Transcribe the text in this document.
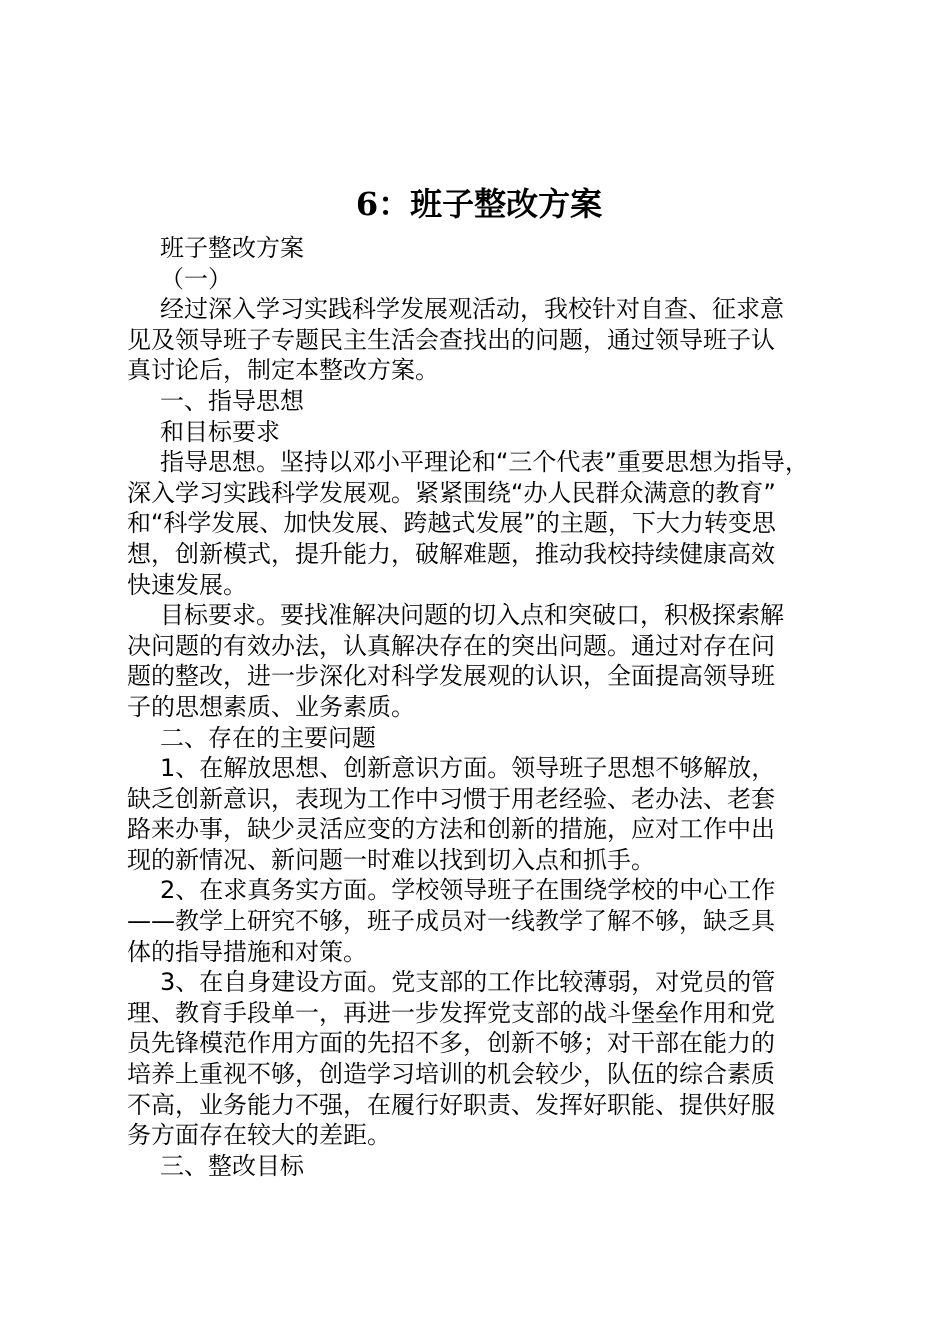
6：班子整改方案
班子整改方案
（一）
经过深入学习实践科学发展观活动，我校针对自查、征求意
见及领导班子专题民主生活会查找出的问题，通过领导班子认
真讨论后，制定本整改方案。
一、指导思想
和目标要求
指导思想。坚持以邓小平理论和“三个代表”重要思想为指导，
深入学习实践科学发展观。紧紧围绕“办人民群众满意的教育”
和“科学发展、加快发展、跨越式发展”的主题，下大力转变思
想，创新模式，提升能力，破解难题，推动我校持续健康高效
快速发展。
目标要求。要找准解决问题的切入点和突破口，积极探索解
决问题的有效办法，认真解决存在的突出问题。通过对存在问
题的整改，进一步深化对科学发展观的认识，全面提高领导班
子的思想素质、业务素质。
二、存在的主要问题
1、在解放思想、创新意识方面。领导班子思想不够解放，
缺乏创新意识，表现为工作中习惯于用老经验、老办法、老套
路来办事，缺少灵活应变的方法和创新的措施，应对工作中出
现的新情况、新问题一时难以找到切入点和抓手。
2、在求真务实方面。学校领导班子在围绕学校的中心工作
——教学上研究不够，班子成员对一线教学了解不够，缺乏具
体的指导措施和对策。
3、在自身建设方面。党支部的工作比较薄弱，对党员的管
理、教育手段单一，再进一步发挥党支部的战斗堡垒作用和党
员先锋模范作用方面的先招不多，创新不够；对干部在能力的
培养上重视不够，创造学习培训的机会较少，队伍的综合素质
不高，业务能力不强，在履行好职责、发挥好职能、提供好服
务方面存在较大的差距。
三、整改目标
